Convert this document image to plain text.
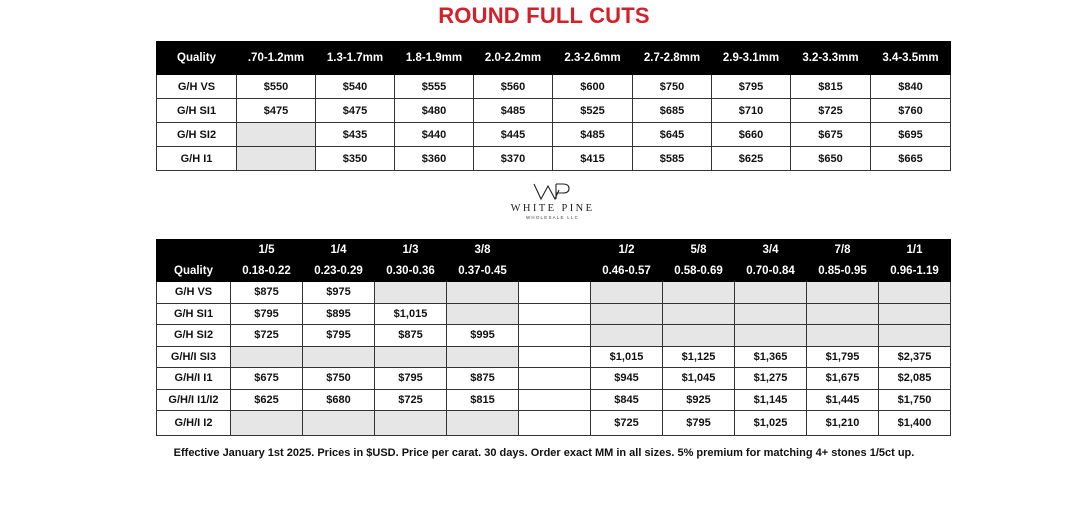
ROUND FULL CUTS
Quality	.70-1.2mm	1.3-1.7mm	1.8-1.9mm	2.0-2.2mm	2.3-2.6mm	2.7-2.8mm	2.9-3.1mm	3.2-3.3mm	3.4-3.5mm
G/H VS	$550	$540	$555	$560	$600	$750	$795	$815	$840
G/H SI1	$475	$475	$480	$485	$525	$685	$710	$725	$760
G/H SI2		$435	$440	$445	$485	$645	$660	$675	$695
G/H I1		$350	$360	$370	$415	$585	$625	$650	$665
WHITE PINE
WHOLESALE LLC
	1/5	1/4	1/3	3/8		1/2	5/8	3/4	7/8	1/1
Quality	0.18-0.22	0.23-0.29	0.30-0.36	0.37-0.45		0.46-0.57	0.58-0.69	0.70-0.84	0.85-0.95	0.96-1.19
G/H VS	$875	$975								
G/H SI1	$795	$895	$1,015							
G/H SI2	$725	$795	$875	$995						
G/H/I SI3						$1,015	$1,125	$1,365	$1,795	$2,375
G/H/I I1	$675	$750	$795	$875		$945	$1,045	$1,275	$1,675	$2,085
G/H/I I1/I2	$625	$680	$725	$815		$845	$925	$1,145	$1,445	$1,750
G/H/I I2						$725	$795	$1,025	$1,210	$1,400
Effective January 1st 2025. Prices in $USD. Price per carat. 30 days. Order exact MM in all sizes. 5% premium for matching 4+ stones 1/5ct up.
